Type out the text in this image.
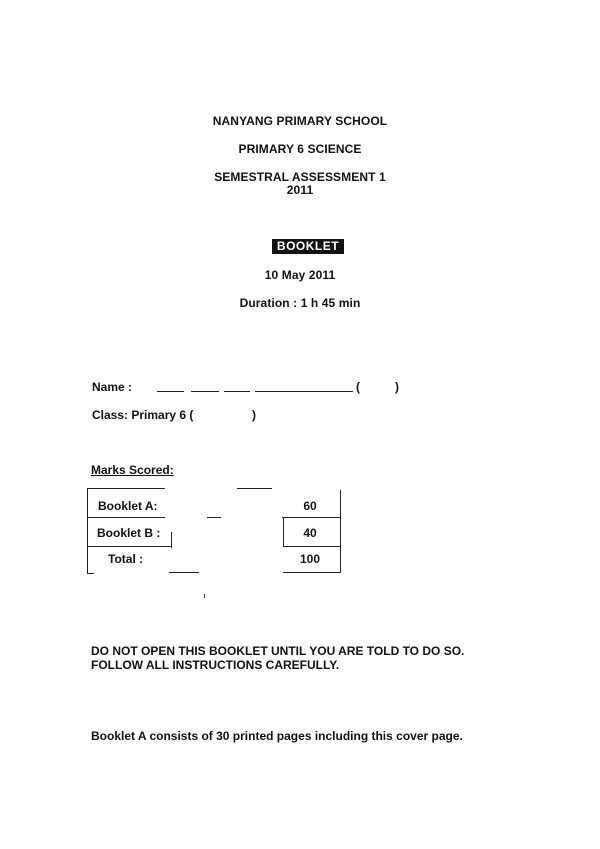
NANYANG PRIMARY SCHOOL
PRIMARY 6 SCIENCE
SEMESTRAL ASSESSMENT 1
2011
BOOKLET A
10 May 2011
Duration : 1 h 45 min
Name :	(	)
Class: Primary 6 (	)
Marks Scored:
Booklet A:	60
Booklet B :	40
Total :	100
DO NOT OPEN THIS BOOKLET UNTIL YOU ARE TOLD TO DO SO.
FOLLOW ALL INSTRUCTIONS CAREFULLY.
Booklet A consists of 30 printed pages including this cover page.
